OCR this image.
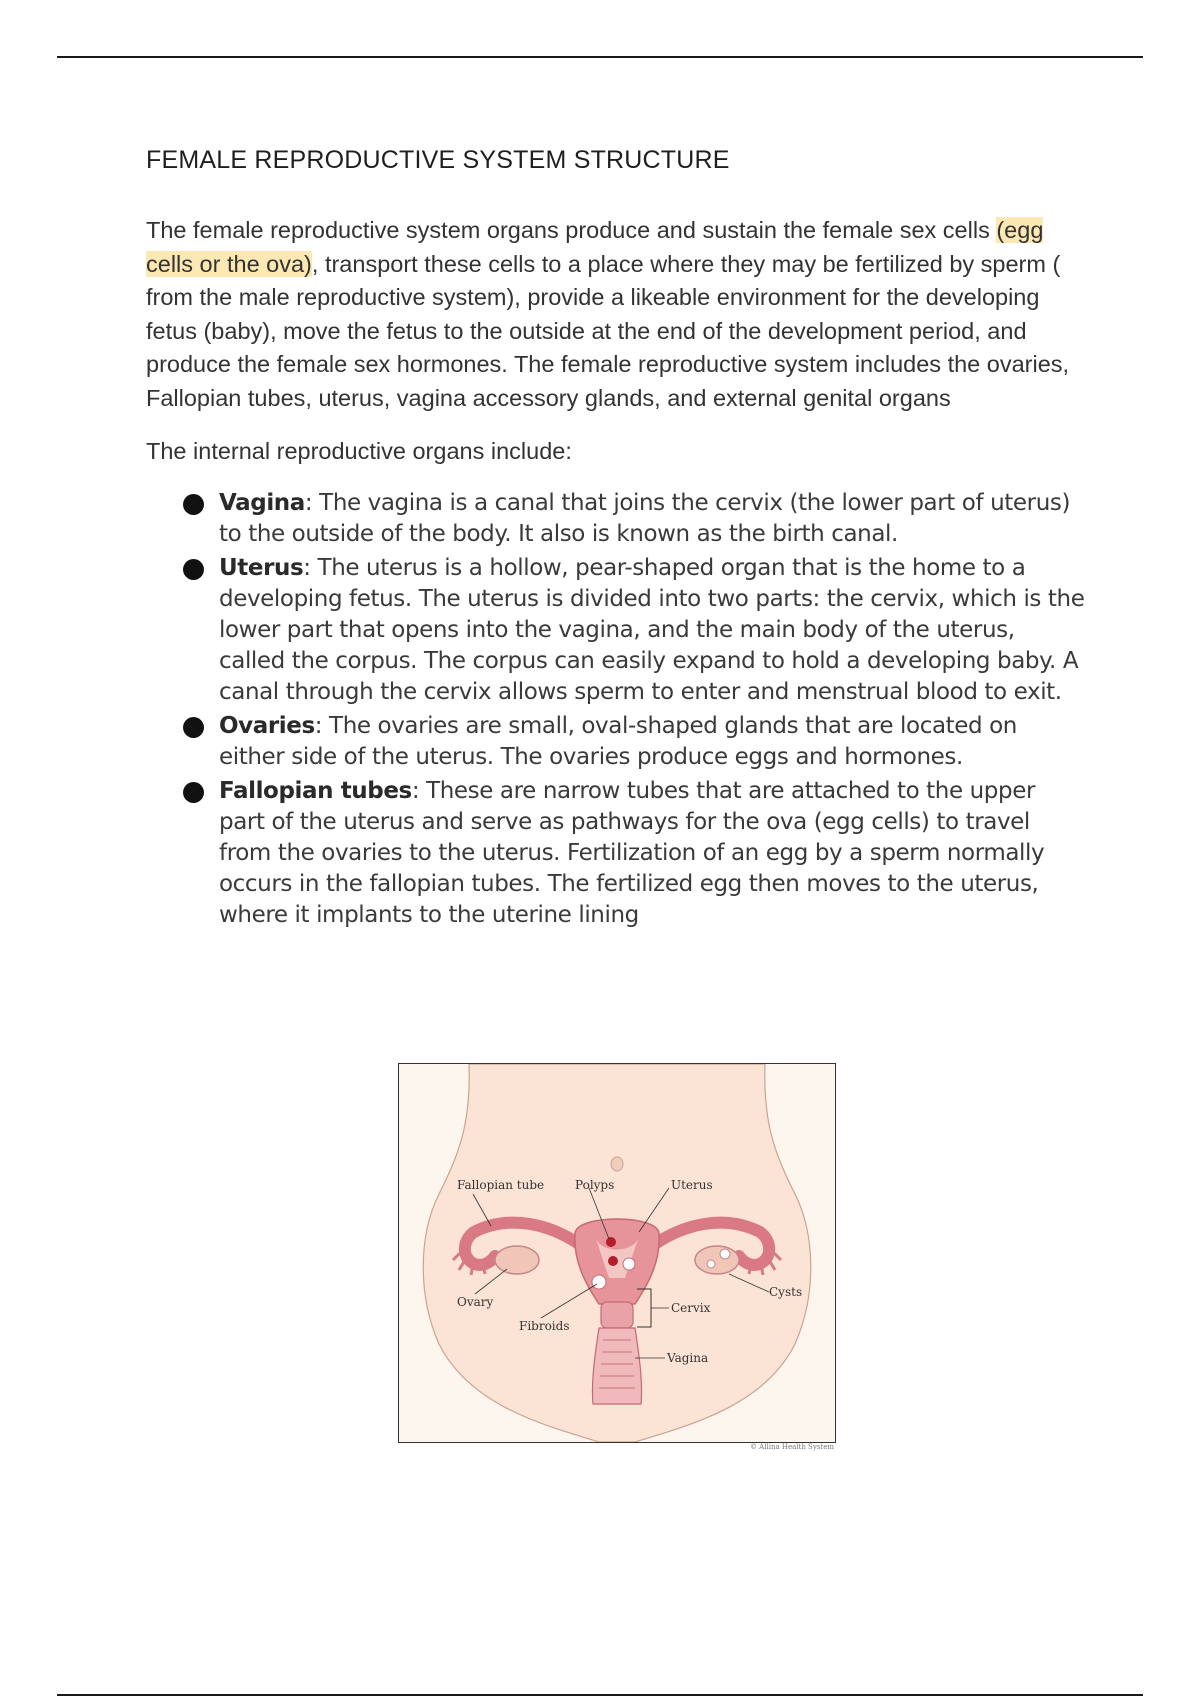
FEMALE REPRODUCTIVE SYSTEM STRUCTURE

The female reproductive system organs produce and sustain the female sex cells (egg cells or the ova), transport these cells to a place where they may be fertilized by sperm ( from the male reproductive system), provide a likeable environment for the developing fetus (baby), move the fetus to the outside at the end of the development period, and produce the female sex hormones. The female reproductive system includes the ovaries, Fallopian tubes, uterus, vagina accessory glands, and external genital organs

The internal reproductive organs include:

Vagina: The vagina is a canal that joins the cervix (the lower part of uterus) to the outside of the body. It also is known as the birth canal.
Uterus: The uterus is a hollow, pear-shaped organ that is the home to a developing fetus. The uterus is divided into two parts: the cervix, which is the lower part that opens into the vagina, and the main body of the uterus, called the corpus. The corpus can easily expand to hold a developing baby. A canal through the cervix allows sperm to enter and menstrual blood to exit.
Ovaries: The ovaries are small, oval-shaped glands that are located on either side of the uterus. The ovaries produce eggs and hormones.
Fallopian tubes: These are narrow tubes that are attached to the upper part of the uterus and serve as pathways for the ova (egg cells) to travel from the ovaries to the uterus. Fertilization of an egg by a sperm normally occurs in the fallopian tubes. The fertilized egg then moves to the uterus, where it implants to the uterine lining
Fallopian tube	Polyps	Uterus
Ovary
Cysts
Cervix
Fibroids
Vagina
© Allina Health System
